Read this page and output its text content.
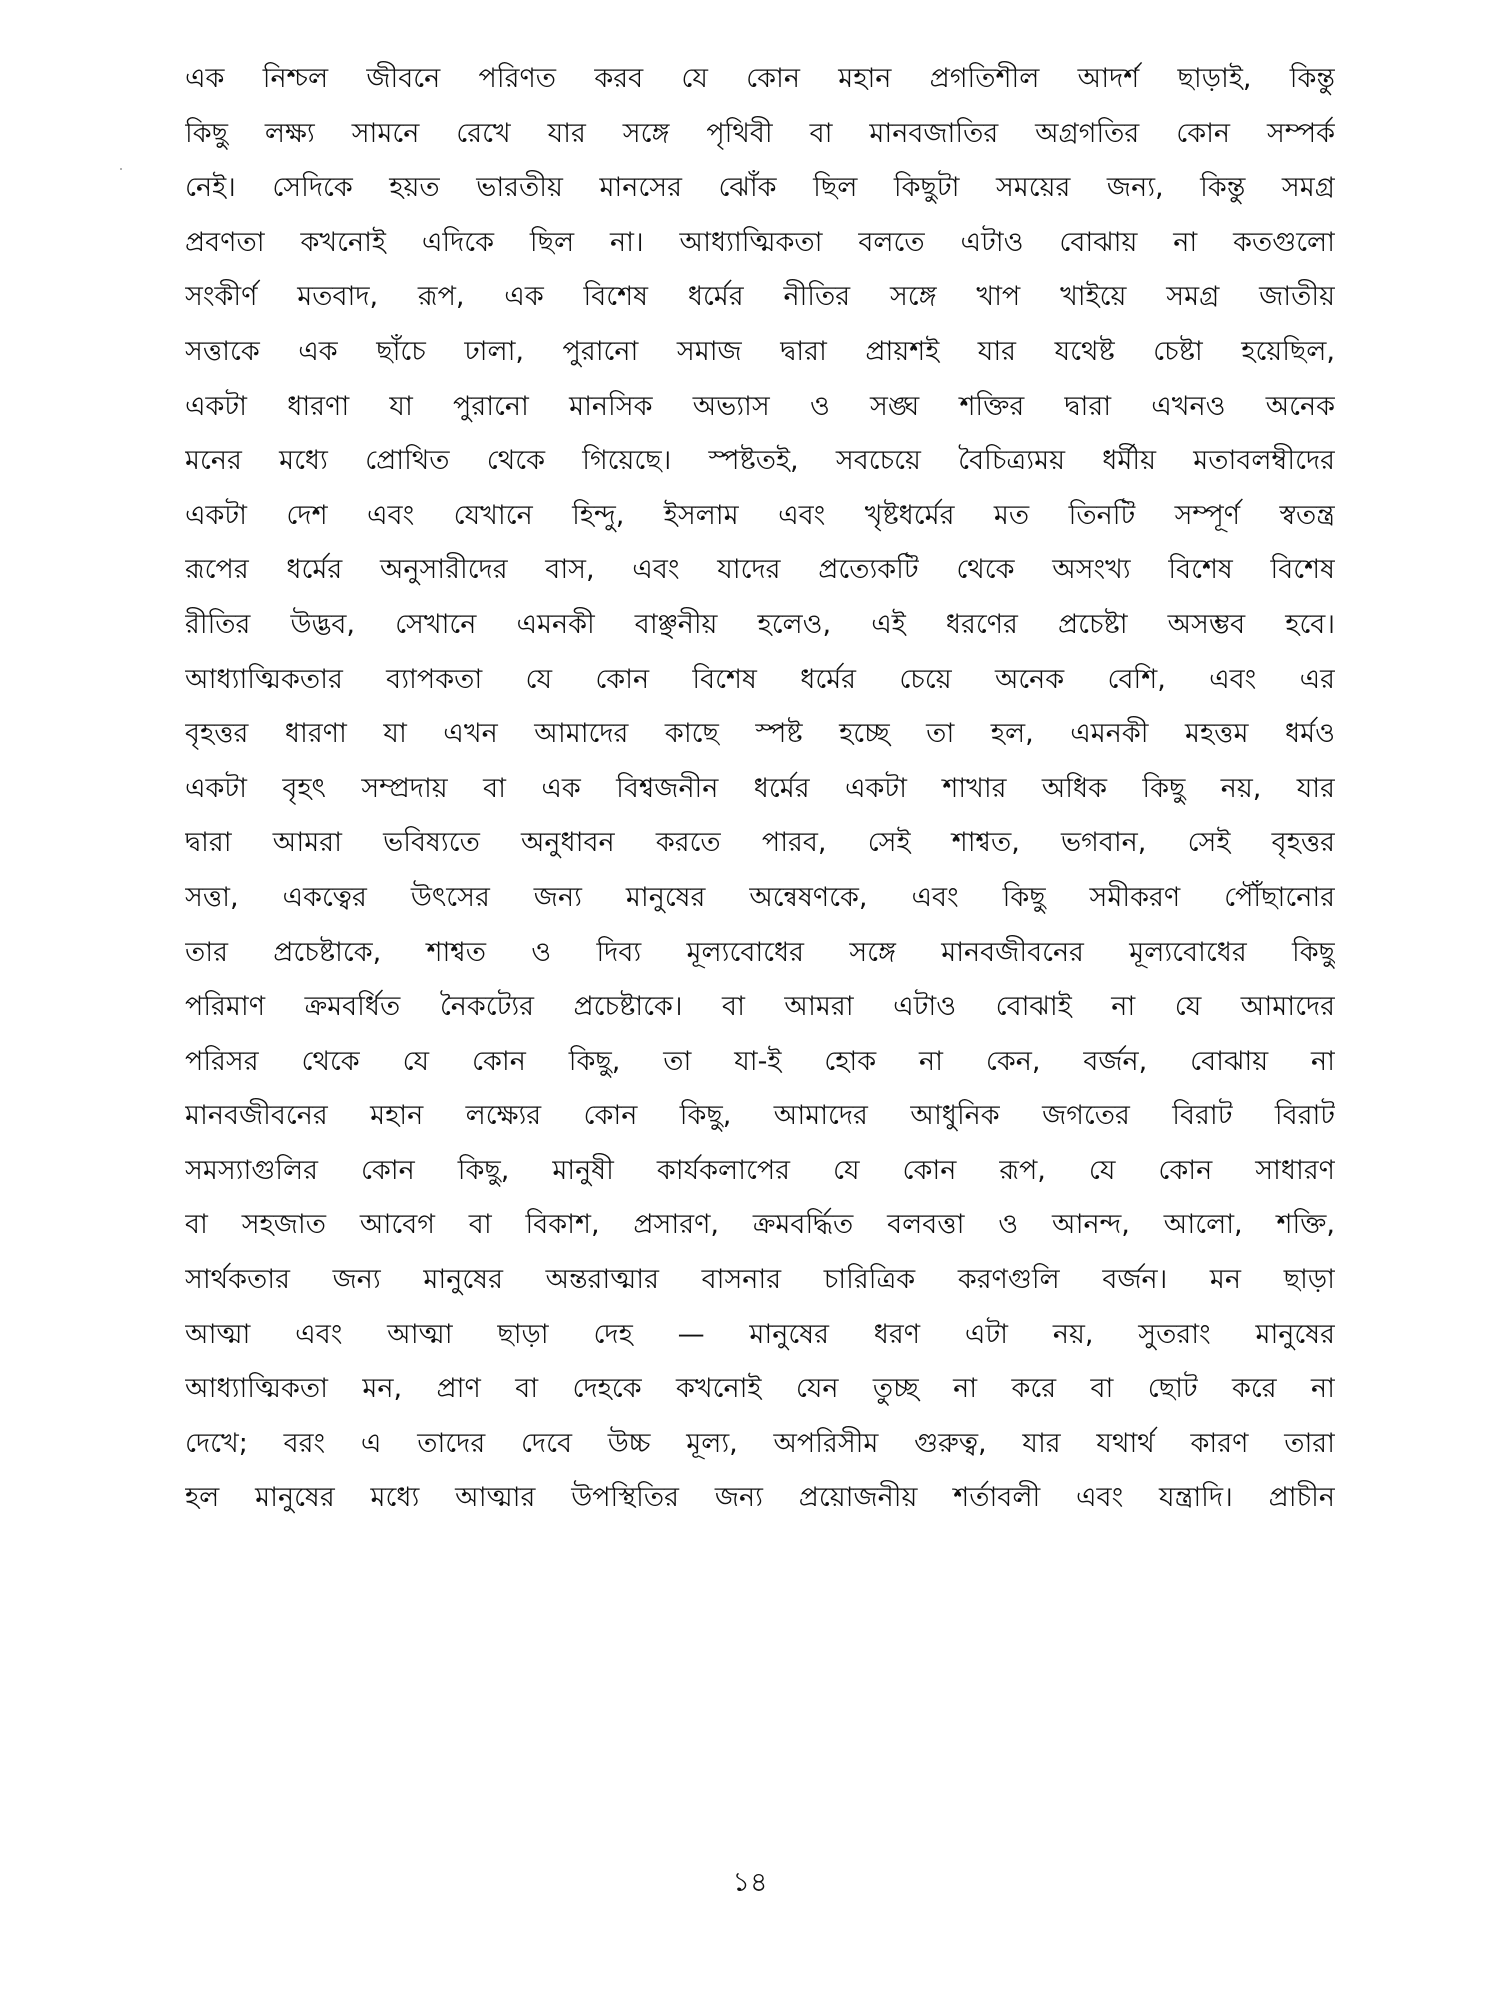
এক নিশ্চল জীবনে পরিণত করব যে কোন মহান প্রগতিশীল আদর্শ ছাড়াই, কিন্তু
কিছু লক্ষ্য সামনে রেখে যার সঙ্গে পৃথিবী বা মানবজাতির অগ্রগতির কোন সম্পর্ক
নেই। সেদিকে হয়ত ভারতীয় মানসের ঝোঁক ছিল কিছুটা সময়ের জন্য, কিন্তু সমগ্র
প্রবণতা কখনোই এদিকে ছিল না। আধ্যাত্মিকতা বলতে এটাও বোঝায় না কতগুলো
সংকীর্ণ মতবাদ, রূপ, এক বিশেষ ধর্মের নীতির সঙ্গে খাপ খাইয়ে সমগ্র জাতীয়
সত্তাকে এক ছাঁচে ঢালা, পুরানো সমাজ দ্বারা প্রায়শই যার যথেষ্ট চেষ্টা হয়েছিল,
একটা ধারণা যা পুরানো মানসিক অভ্যাস ও সঙ্ঘ শক্তির দ্বারা এখনও অনেক
মনের মধ্যে প্রোথিত থেকে গিয়েছে। স্পষ্টতই, সবচেয়ে বৈচিত্র্যময় ধর্মীয় মতাবলম্বীদের
একটা দেশ এবং যেখানে হিন্দু, ইসলাম এবং খৃষ্টধর্মের মত তিনটি সম্পূর্ণ স্বতন্ত্র
রূপের ধর্মের অনুসারীদের বাস, এবং যাদের প্রত্যেকটি থেকে অসংখ্য বিশেষ বিশেষ
রীতির উদ্ভব, সেখানে এমনকী বাঞ্ছনীয় হলেও, এই ধরণের প্রচেষ্টা অসম্ভব হবে।
আধ্যাত্মিকতার ব্যাপকতা যে কোন বিশেষ ধর্মের চেয়ে অনেক বেশি, এবং এর
বৃহত্তর ধারণা যা এখন আমাদের কাছে স্পষ্ট হচ্ছে তা হল, এমনকী মহত্তম ধর্মও
একটা বৃহৎ সম্প্রদায় বা এক বিশ্বজনীন ধর্মের একটা শাখার অধিক কিছু নয়, যার
দ্বারা আমরা ভবিষ্যতে অনুধাবন করতে পারব, সেই শাশ্বত, ভগবান, সেই বৃহত্তর
সত্তা, একত্বের উৎসের জন্য মানুষের অন্বেষণকে, এবং কিছু সমীকরণ পৌঁছানোর
তার প্রচেষ্টাকে, শাশ্বত ও দিব্য মূল্যবোধের সঙ্গে মানবজীবনের মূল্যবোধের কিছু
পরিমাণ ক্রমবর্ধিত নৈকট্যের প্রচেষ্টাকে। বা আমরা এটাও বোঝাই না যে আমাদের
পরিসর থেকে যে কোন কিছু, তা যা-ই হোক না কেন, বর্জন, বোঝায় না
মানবজীবনের মহান লক্ষ্যের কোন কিছু, আমাদের আধুনিক জগতের বিরাট বিরাট
সমস্যাগুলির কোন কিছু, মানুষী কার্যকলাপের যে কোন রূপ, যে কোন সাধারণ
বা সহজাত আবেগ বা বিকাশ, প্রসারণ, ক্রমবর্দ্ধিত বলবত্তা ও আনন্দ, আলো, শক্তি,
সার্থকতার জন্য মানুষের অন্তরাত্মার বাসনার চারিত্রিক করণগুলি বর্জন। মন ছাড়া
আত্মা এবং আত্মা ছাড়া দেহ — মানুষের ধরণ এটা নয়, সুতরাং মানুষের
আধ্যাত্মিকতা মন, প্রাণ বা দেহকে কখনোই যেন তুচ্ছ না করে বা ছোট করে না
দেখে; বরং এ তাদের দেবে উচ্চ মূল্য, অপরিসীম গুরুত্ব, যার যথার্থ কারণ তারা
হল মানুষের মধ্যে আত্মার উপস্থিতির জন্য প্রয়োজনীয় শর্তাবলী এবং যন্ত্রাদি। প্রাচীন
১৪
